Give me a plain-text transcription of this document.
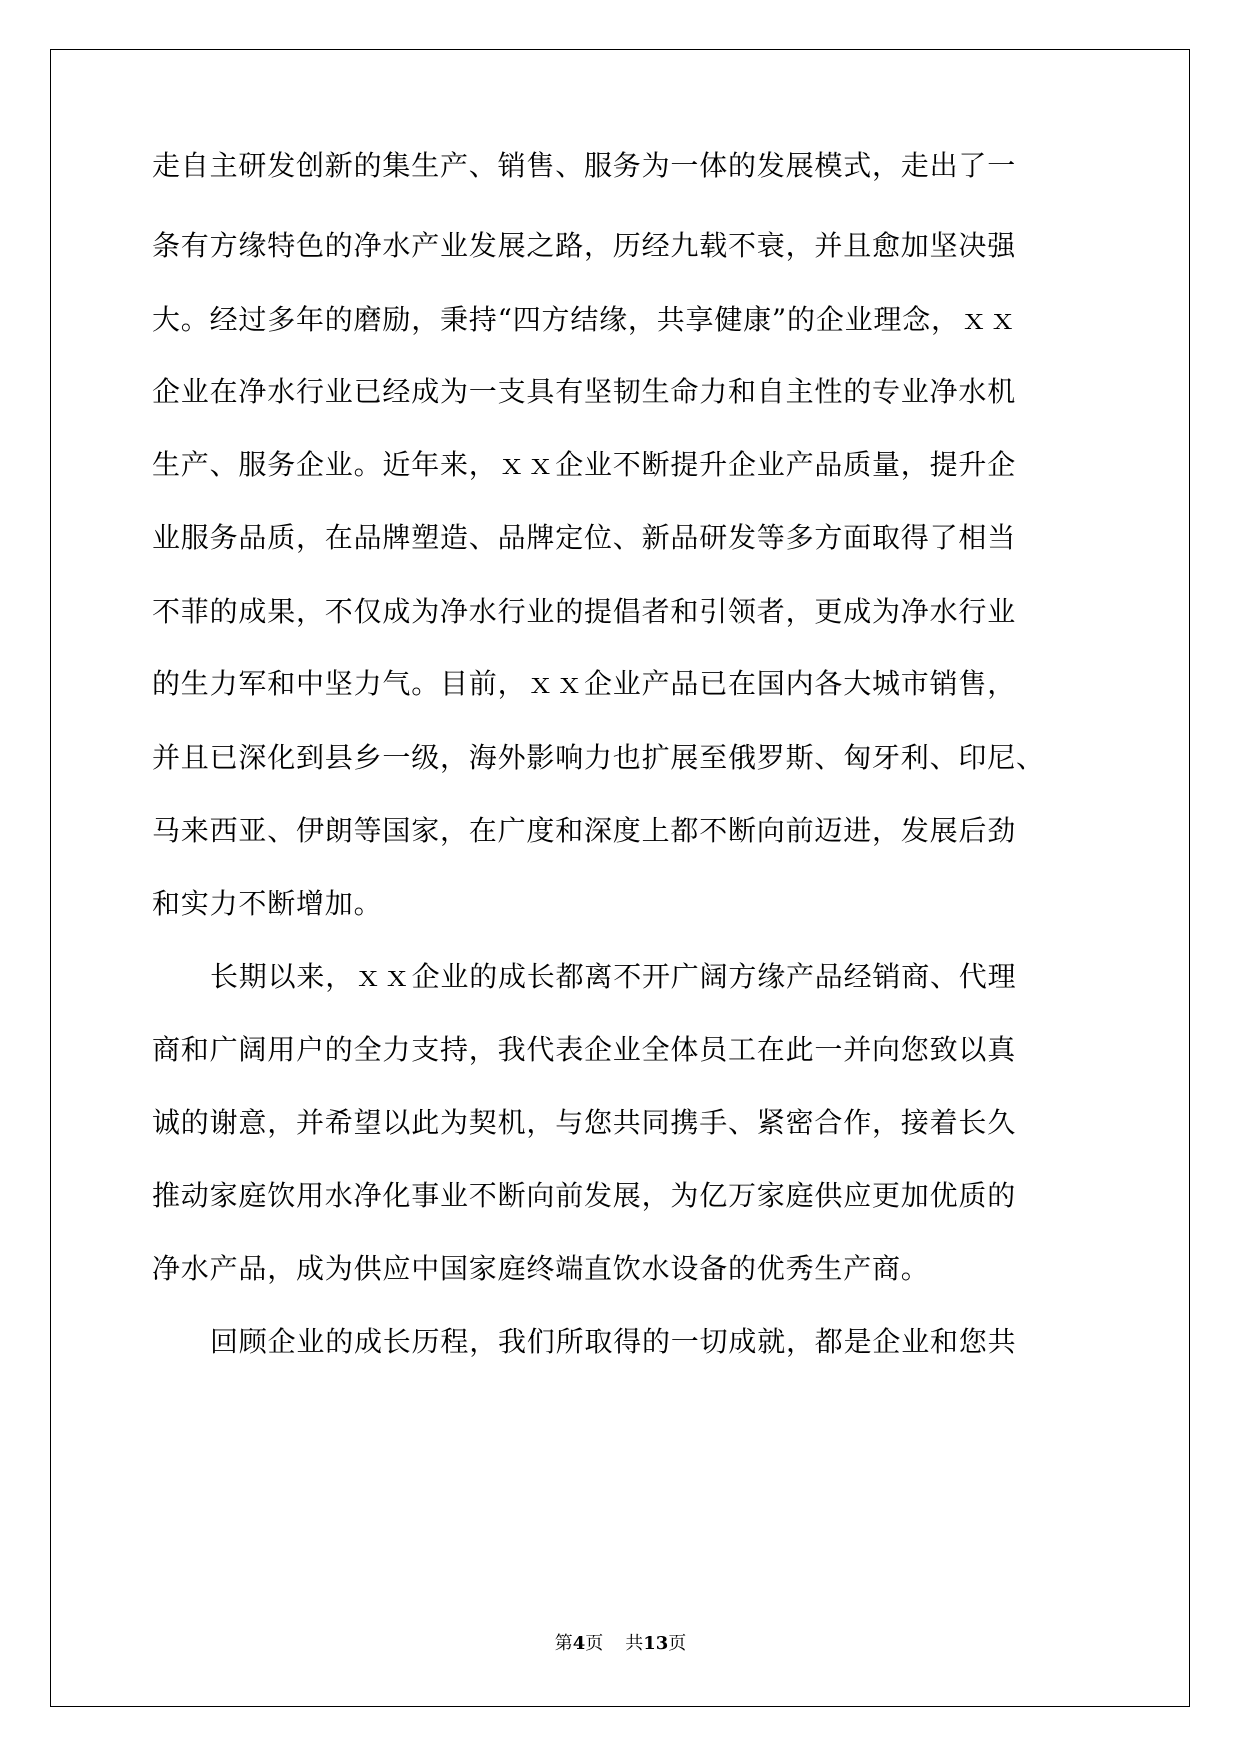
走自主研发创新的集生产、销售、服务为一体的发展模式，走出了一
条有方缘特色的净水产业发展之路，历经九载不衰，并且愈加坚决强
大。经过多年的磨励，秉持“四方结缘，共享健康”的企业理念，ｘｘ
企业在净水行业已经成为一支具有坚韧生命力和自主性的专业净水机
生产、服务企业。近年来，ｘｘ企业不断提升企业产品质量，提升企
业服务品质，在品牌塑造、品牌定位、新品研发等多方面取得了相当
不菲的成果，不仅成为净水行业的提倡者和引领者，更成为净水行业
的生力军和中坚力气。目前，ｘｘ企业产品已在国内各大城市销售，
并且已深化到县乡一级，海外影响力也扩展至俄罗斯、匈牙利、印尼、
马来西亚、伊朗等国家，在广度和深度上都不断向前迈进，发展后劲
和实力不断增加。
长期以来，ｘｘ企业的成长都离不开广阔方缘产品经销商、代理
商和广阔用户的全力支持，我代表企业全体员工在此一并向您致以真
诚的谢意，并希望以此为契机，与您共同携手、紧密合作，接着长久
推动家庭饮用水净化事业不断向前发展，为亿万家庭供应更加优质的
净水产品，成为供应中国家庭终端直饮水设备的优秀生产商。
回顾企业的成长历程，我们所取得的一切成就，都是企业和您共
第4页 共13页
